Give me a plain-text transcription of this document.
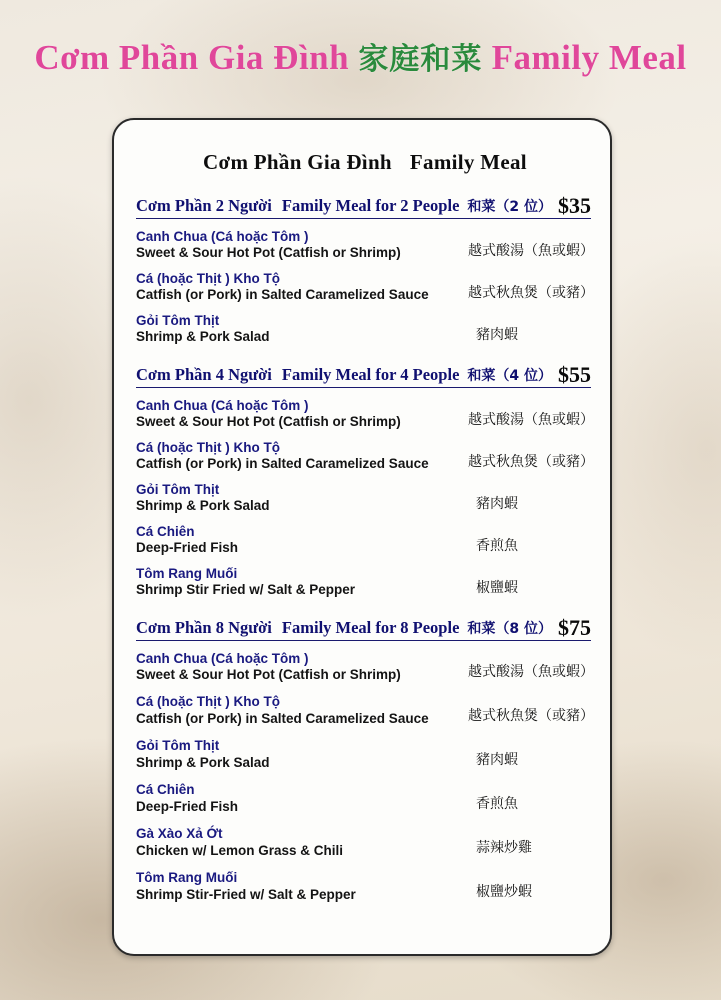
Cơm Phần Gia Đình 家庭和菜 Family Meal
Cơm Phần Gia Đình Family Meal
Cơm Phần 2 Người Family Meal for 2 People 和菜（2 位） $35
Canh Chua (Cá hoặc Tôm )
Sweet & Sour Hot Pot (Catfish or Shrimp)	越式酸湯（魚或蝦）
Cá (hoặc Thịt ) Kho Tộ
Catfish (or Pork) in Salted Caramelized Sauce	越式秋魚煲（或豬）
Gỏi Tôm Thịt
Shrimp & Pork Salad	豬肉蝦
Cơm Phần 4 Người Family Meal for 4 People 和菜（4 位） $55
Canh Chua (Cá hoặc Tôm )
Sweet & Sour Hot Pot (Catfish or Shrimp)	越式酸湯（魚或蝦）
Cá (hoặc Thịt ) Kho Tộ
Catfish (or Pork) in Salted Caramelized Sauce	越式秋魚煲（或豬）
Gỏi Tôm Thịt
Shrimp & Pork Salad	豬肉蝦
Cá Chiên
Deep-Fried Fish	香煎魚
Tôm Rang Muối
Shrimp Stir Fried w/ Salt & Pepper	椒鹽蝦
Cơm Phần 8 Người Family Meal for 8 People 和菜（8 位） $75
Canh Chua (Cá hoặc Tôm )
Sweet & Sour Hot Pot (Catfish or Shrimp)	越式酸湯（魚或蝦）
Cá (hoặc Thịt ) Kho Tộ
Catfish (or Pork) in Salted Caramelized Sauce	越式秋魚煲（或豬）
Gỏi Tôm Thịt
Shrimp & Pork Salad	豬肉蝦
Cá Chiên
Deep-Fried Fish	香煎魚
Gà Xào Xả Ớt
Chicken w/ Lemon Grass & Chili	蒜辣炒雞
Tôm Rang Muối
Shrimp Stir-Fried w/ Salt & Pepper	椒鹽炒蝦
